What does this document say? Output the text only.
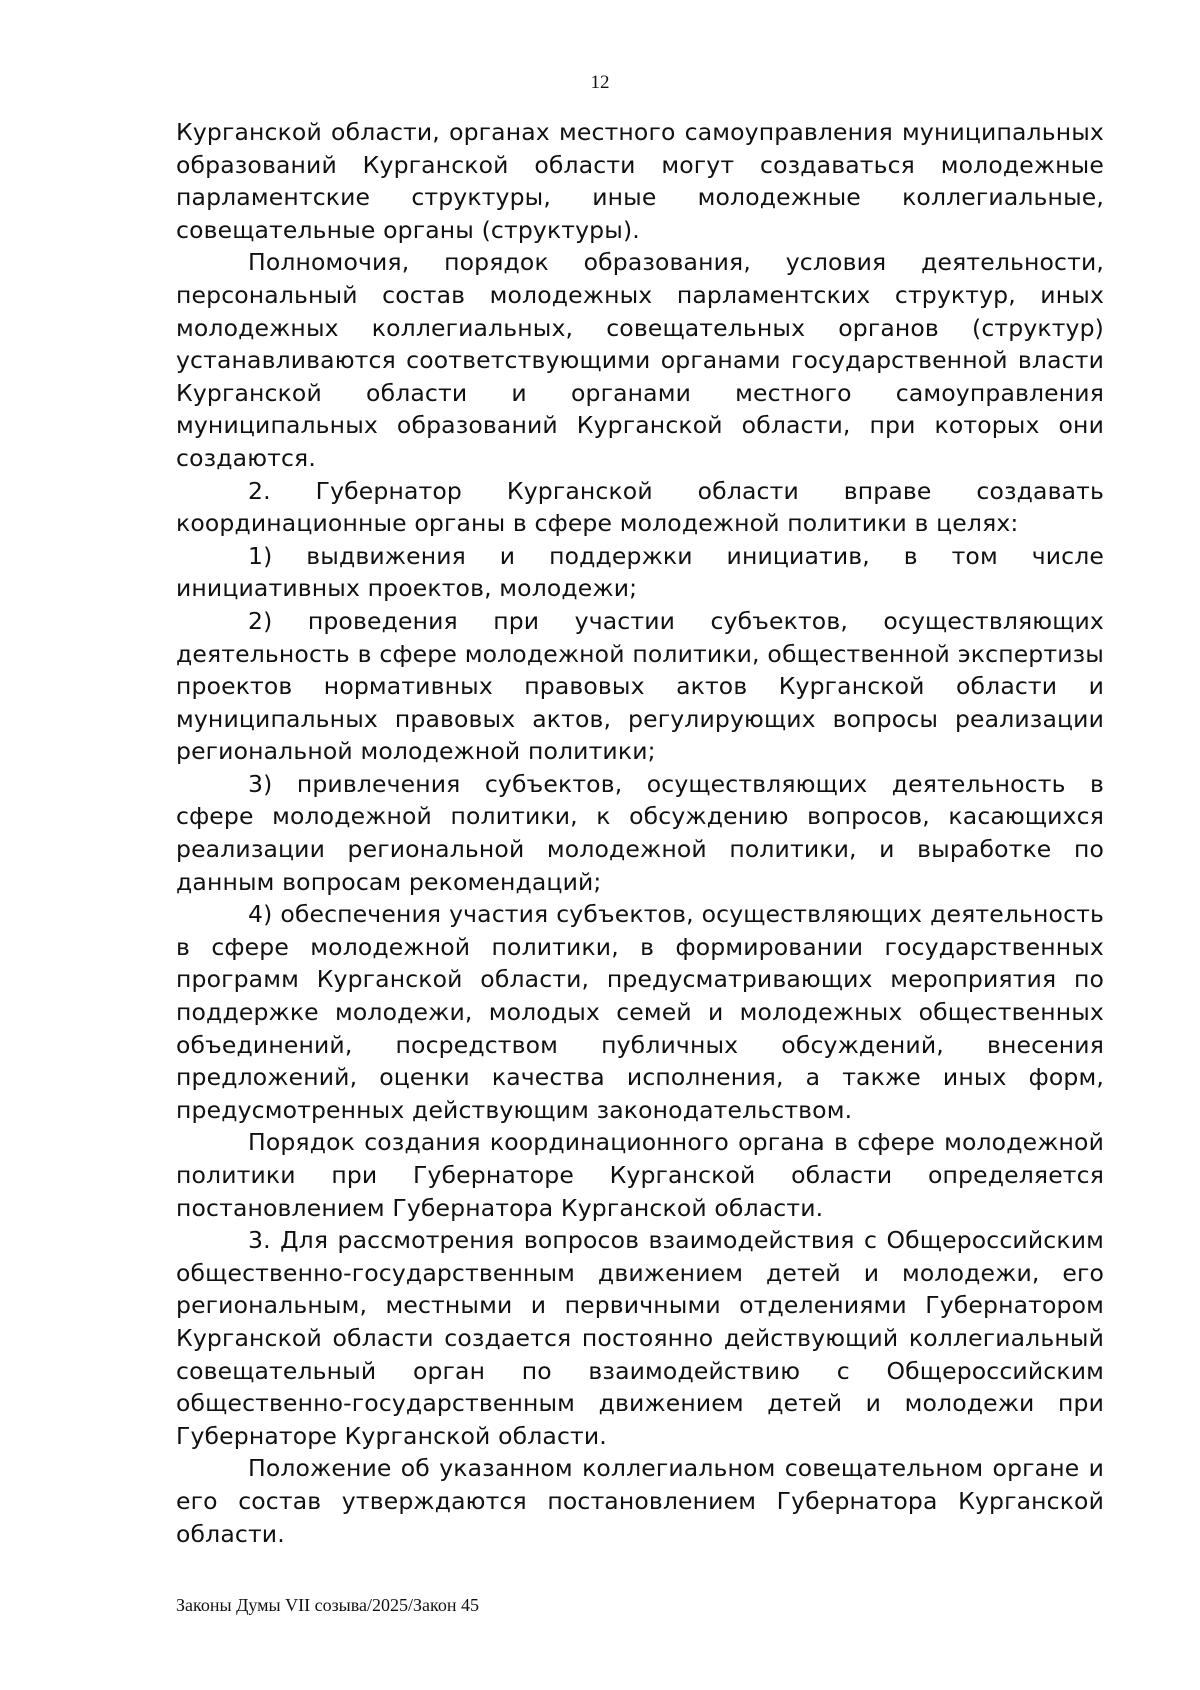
12

Курганской области, органах местного самоуправления муниципальных образований Курганской области могут создаваться молодежные парламентские структуры, иные молодежные коллегиальные, совещательные органы (структуры).

Полномочия, порядок образования, условия деятельности, персональный состав молодежных парламентских структур, иных молодежных коллегиальных, совещательных органов (структур) устанавливаются соответствующими органами государственной власти Курганской области и органами местного самоуправления муниципальных образований Курганской области, при которых они создаются.

2. Губернатор Курганской области вправе создавать координационные органы в сфере молодежной политики в целях:

1) выдвижения и поддержки инициатив, в том числе инициативных проектов, молодежи;

2) проведения при участии субъектов, осуществляющих деятельность в сфере молодежной политики, общественной экспертизы проектов нормативных правовых актов Курганской области и муниципальных правовых актов, регулирующих вопросы реализации региональной молодежной политики;

3) привлечения субъектов, осуществляющих деятельность в сфере молодежной политики, к обсуждению вопросов, касающихся реализации региональной молодежной политики, и выработке по данным вопросам рекомендаций;

4) обеспечения участия субъектов, осуществляющих деятельность в сфере молодежной политики, в формировании государственных программ Курганской области, предусматривающих мероприятия по поддержке молодежи, молодых семей и молодежных общественных объединений, посредством публичных обсуждений, внесения предложений, оценки качества исполнения, а также иных форм, предусмотренных действующим законодательством.

Порядок создания координационного органа в сфере молодежной политики при Губернаторе Курганской области определяется постановлением Губернатора Курганской области.

3. Для рассмотрения вопросов взаимодействия с Общероссийским общественно-государственным движением детей и молодежи, его региональным, местными и первичными отделениями Губернатором Курганской области создается постоянно действующий коллегиальный совещательный орган по взаимодействию с Общероссийским общественно-государственным движением детей и молодежи при Губернаторе Курганской области.

Положение об указанном коллегиальном совещательном органе и его состав утверждаются постановлением Губернатора Курганской области.

Законы Думы VII созыва/2025/Закон 45
